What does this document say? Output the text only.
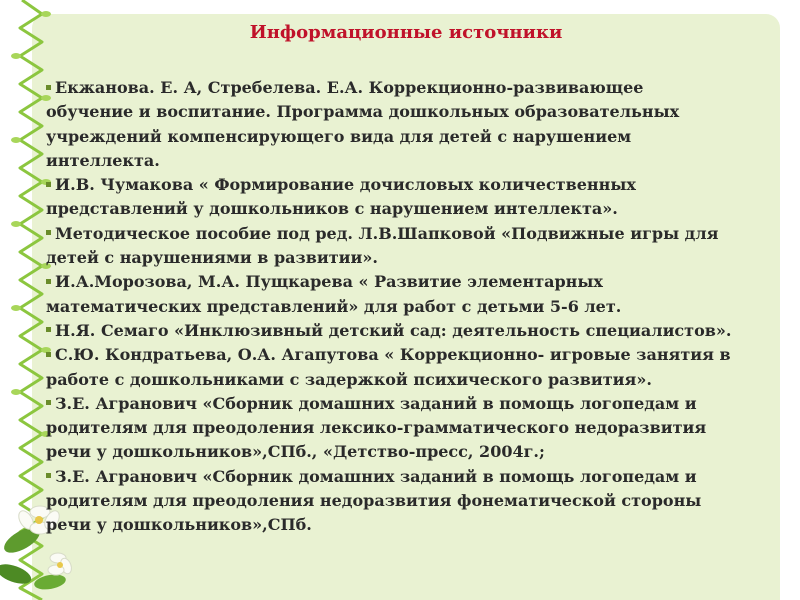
Информационные источники

Екжанова. Е. А, Стребелева. Е.А. Коррекционно-развивающее обучение и воспитание. Программа дошкольных образовательных учреждений компенсирующего вида для детей с нарушением интеллекта.

И.В. Чумакова « Формирование дочисловых количественных представлений у дошкольников с нарушением интеллекта».

Методическое пособие под ред. Л.В.Шапковой «Подвижные игры для детей с нарушениями в развитии».

И.А.Морозова, М.А. Пущкарева « Развитие элементарных математических представлений» для работ с детьми 5-6 лет.

Н.Я. Семаго «Инклюзивный детский сад: деятельность специалистов».

С.Ю. Кондратьева, О.А. Агапутова « Коррекционно- игровые занятия в работе с дошкольниками с задержкой психического развития».

З.Е. Агранович «Сборник домашних заданий в помощь логопедам и родителям для преодоления лексико-грамматического недоразвития речи у дошкольников»,СПб., «Детство-пресс, 2004г.;

З.Е. Агранович «Сборник домашних заданий в помощь логопедам и родителям для преодоления недоразвития фонематической стороны речи у дошкольников»,СПб.
